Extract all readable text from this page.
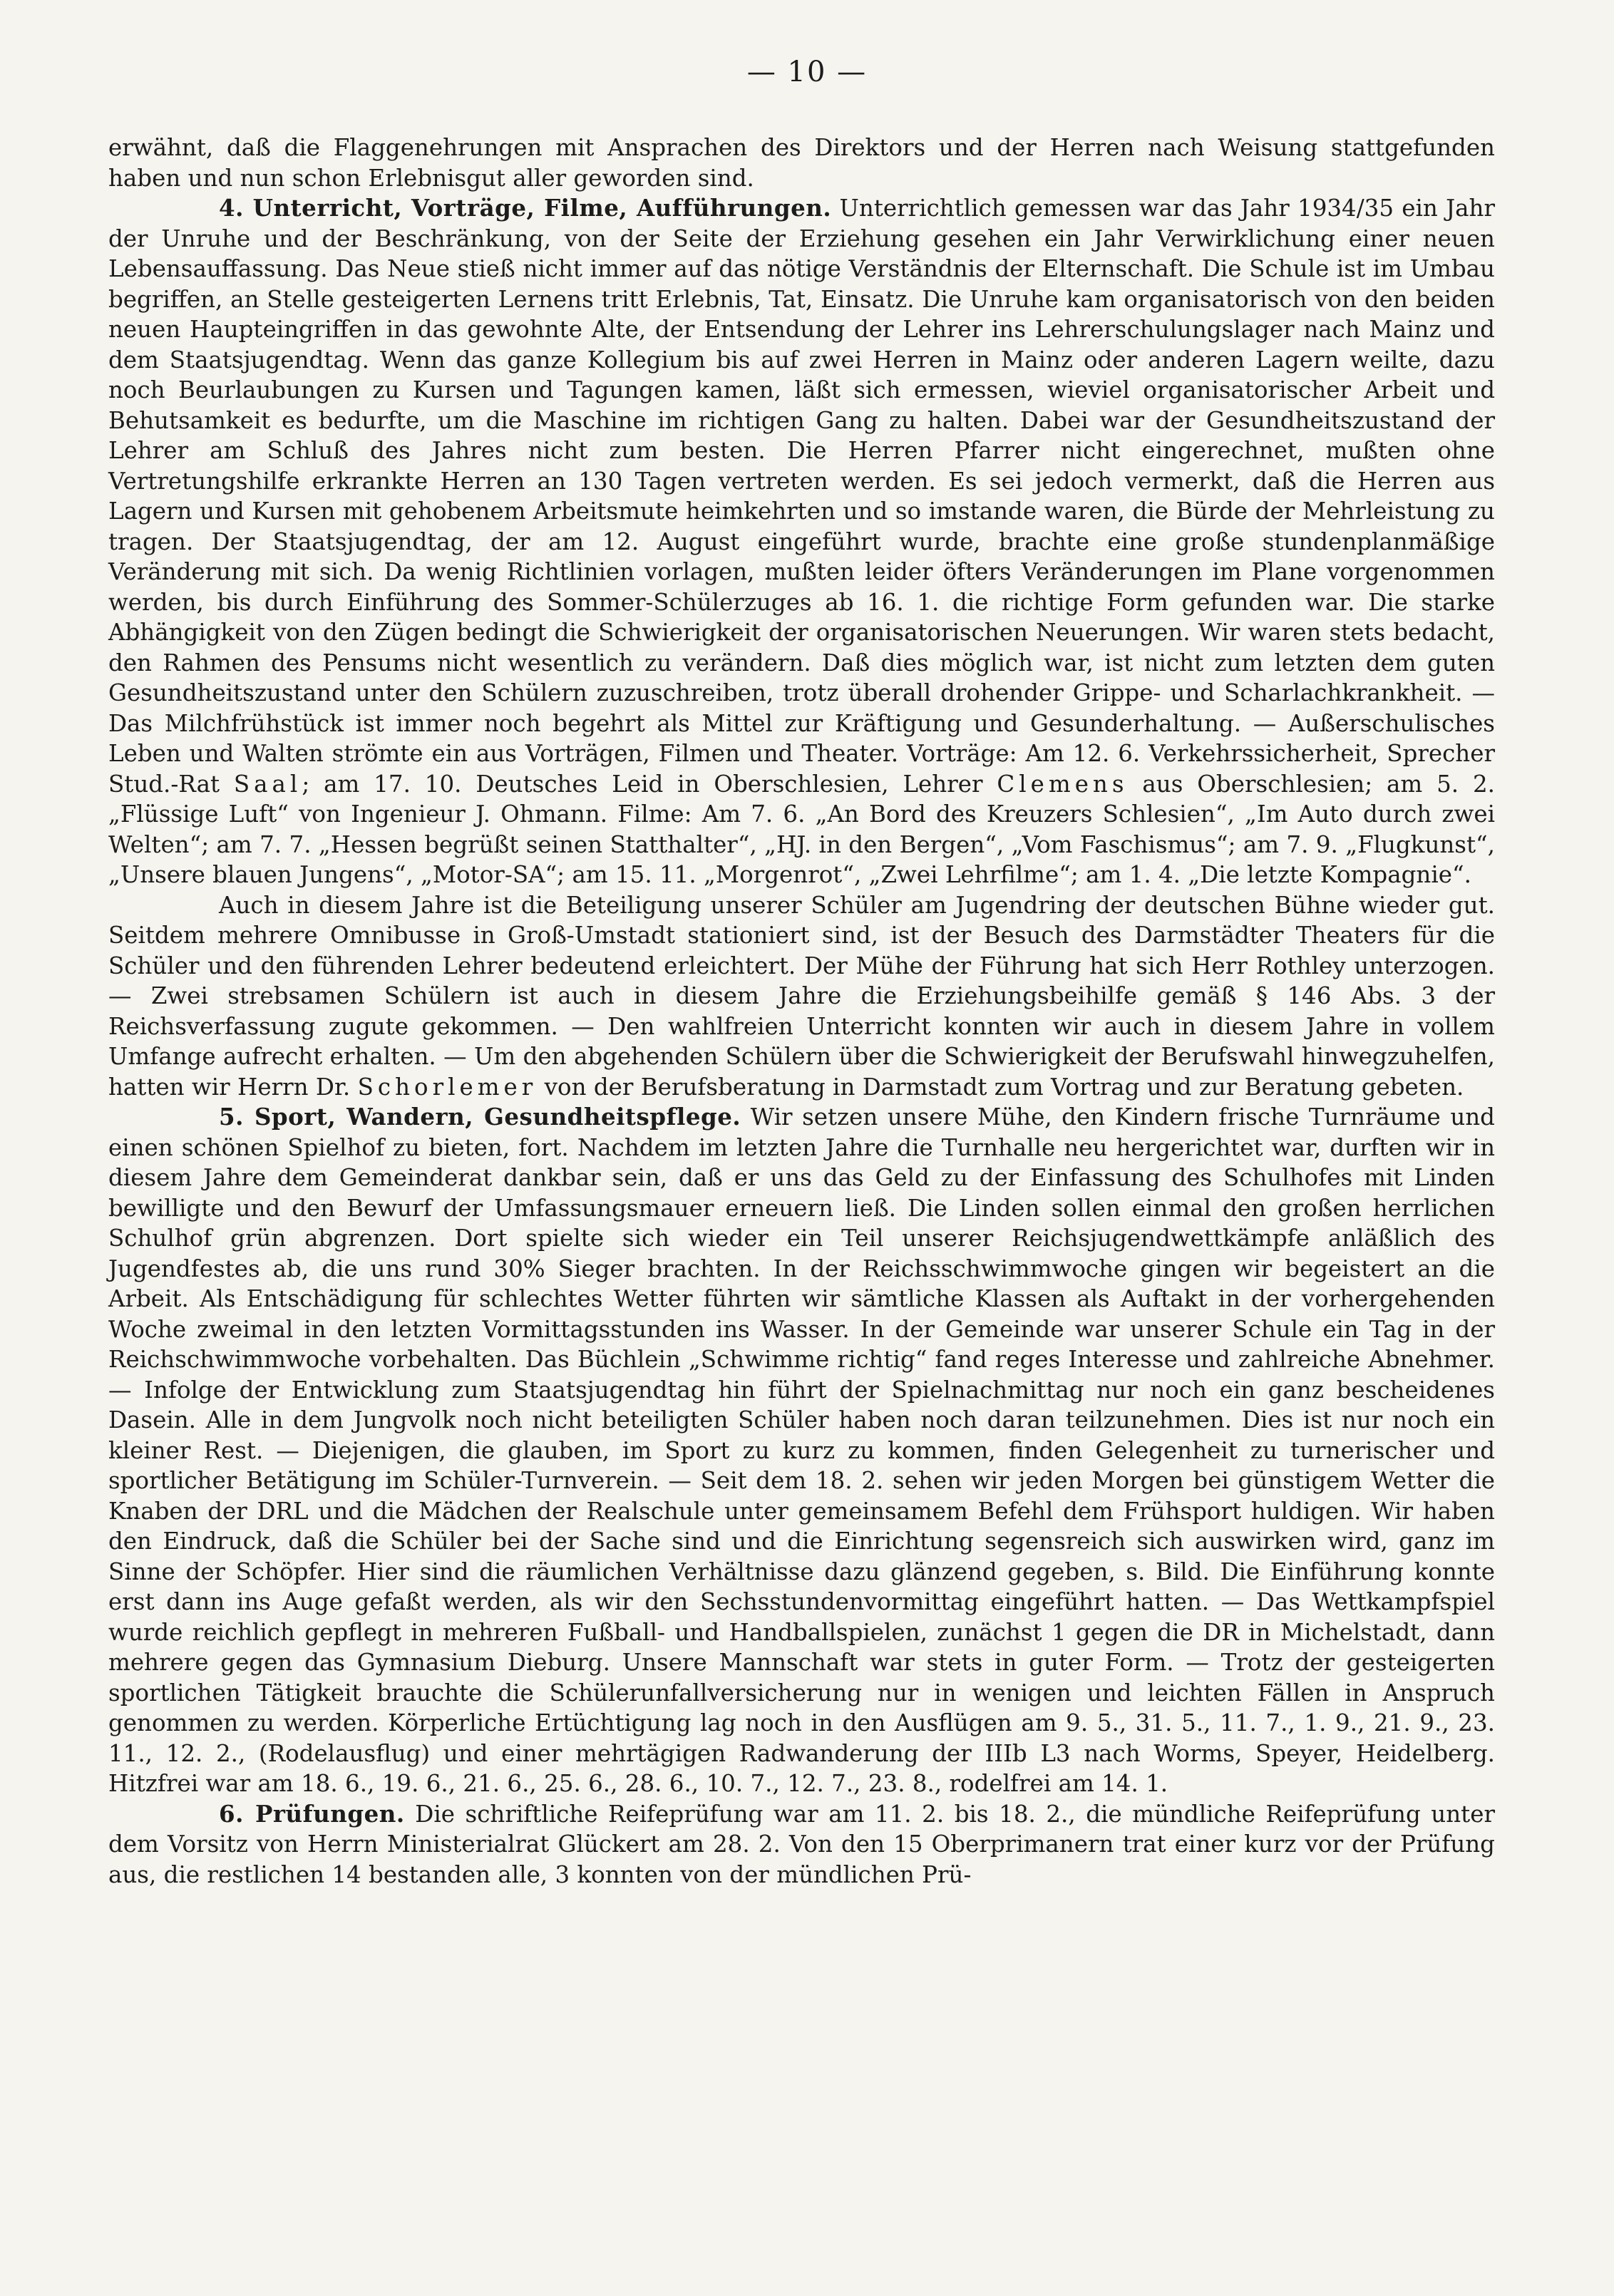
— 10 —

erwähnt, daß die Flaggenehrungen mit Ansprachen des Direktors und der Herren nach Weisung stattgefunden haben und nun schon Erlebnisgut aller geworden sind.

4. Unterricht, Vorträge, Filme, Aufführungen. Unterrichtlich gemessen war das Jahr 1934/35 ein Jahr der Unruhe und der Beschränkung, von der Seite der Erziehung gesehen ein Jahr Verwirklichung einer neuen Lebensauffassung. Das Neue stieß nicht immer auf das nötige Verständnis der Elternschaft. Die Schule ist im Umbau begriffen, an Stelle gesteigerten Lernens tritt Erlebnis, Tat, Einsatz. Die Unruhe kam organisatorisch von den beiden neuen Haupteingriffen in das gewohnte Alte, der Entsendung der Lehrer ins Lehrerschulungslager nach Mainz und dem Staatsjugendtag. Wenn das ganze Kollegium bis auf zwei Herren in Mainz oder anderen Lagern weilte, dazu noch Beurlaubungen zu Kursen und Tagungen kamen, läßt sich ermessen, wieviel organisatorischer Arbeit und Behutsamkeit es bedurfte, um die Maschine im richtigen Gang zu halten. Dabei war der Gesundheitszustand der Lehrer am Schluß des Jahres nicht zum besten. Die Herren Pfarrer nicht eingerechnet, mußten ohne Vertretungshilfe erkrankte Herren an 130 Tagen vertreten werden. Es sei jedoch vermerkt, daß die Herren aus Lagern und Kursen mit gehobenem Arbeitsmute heimkehrten und so imstande waren, die Bürde der Mehrleistung zu tragen. Der Staatsjugendtag, der am 12. August eingeführt wurde, brachte eine große stundenplanmäßige Veränderung mit sich. Da wenig Richtlinien vorlagen, mußten leider öfters Veränderungen im Plane vorgenommen werden, bis durch Einführung des Sommer-Schülerzuges ab 16. 1. die richtige Form gefunden war. Die starke Abhängigkeit von den Zügen bedingt die Schwierigkeit der organisatorischen Neuerungen. Wir waren stets bedacht, den Rahmen des Pensums nicht wesentlich zu verändern. Daß dies möglich war, ist nicht zum letzten dem guten Gesundheitszustand unter den Schülern zuzuschreiben, trotz überall drohender Grippe- und Scharlachkrankheit. — Das Milchfrühstück ist immer noch begehrt als Mittel zur Kräftigung und Gesunderhaltung. — Außerschulisches Leben und Walten strömte ein aus Vorträgen, Filmen und Theater. Vorträge: Am 12. 6. Verkehrssicherheit, Sprecher Stud.-Rat Saal; am 17. 10. Deutsches Leid in Oberschlesien, Lehrer Clemens aus Oberschlesien; am 5. 2. „Flüssige Luft“ von Ingenieur J. Ohmann. Filme: Am 7. 6. „An Bord des Kreuzers Schlesien“, „Im Auto durch zwei Welten“; am 7. 7. „Hessen begrüßt seinen Statthalter“, „HJ. in den Bergen“, „Vom Faschismus“; am 7. 9. „Flugkunst“, „Unsere blauen Jungens“, „Motor-SA“; am 15. 11. „Morgenrot“, „Zwei Lehrfilme“; am 1. 4. „Die letzte Kompagnie“.

Auch in diesem Jahre ist die Beteiligung unserer Schüler am Jugendring der deutschen Bühne wieder gut. Seitdem mehrere Omnibusse in Groß-Umstadt stationiert sind, ist der Besuch des Darmstädter Theaters für die Schüler und den führenden Lehrer bedeutend erleichtert. Der Mühe der Führung hat sich Herr Rothley unterzogen. — Zwei strebsamen Schülern ist auch in diesem Jahre die Erziehungsbeihilfe gemäß § 146 Abs. 3 der Reichsverfassung zugute gekommen. — Den wahlfreien Unterricht konnten wir auch in diesem Jahre in vollem Umfange aufrecht erhalten. — Um den abgehenden Schülern über die Schwierigkeit der Berufswahl hinwegzuhelfen, hatten wir Herrn Dr. Schorlemer von der Berufsberatung in Darmstadt zum Vortrag und zur Beratung gebeten.

5. Sport, Wandern, Gesundheitspflege. Wir setzen unsere Mühe, den Kindern frische Turnräume und einen schönen Spielhof zu bieten, fort. Nachdem im letzten Jahre die Turnhalle neu hergerichtet war, durften wir in diesem Jahre dem Gemeinderat dankbar sein, daß er uns das Geld zu der Einfassung des Schulhofes mit Linden bewilligte und den Bewurf der Umfassungsmauer erneuern ließ. Die Linden sollen einmal den großen herrlichen Schulhof grün abgrenzen. Dort spielte sich wieder ein Teil unserer Reichsjugendwettkämpfe anläßlich des Jugendfestes ab, die uns rund 30% Sieger brachten. In der Reichsschwimmwoche gingen wir begeistert an die Arbeit. Als Entschädigung für schlechtes Wetter führten wir sämtliche Klassen als Auftakt in der vorhergehenden Woche zweimal in den letzten Vormittagsstunden ins Wasser. In der Gemeinde war unserer Schule ein Tag in der Reichschwimmwoche vorbehalten. Das Büchlein „Schwimme richtig“ fand reges Interesse und zahlreiche Abnehmer. — Infolge der Entwicklung zum Staatsjugendtag hin führt der Spielnachmittag nur noch ein ganz bescheidenes Dasein. Alle in dem Jungvolk noch nicht beteiligten Schüler haben noch daran teilzunehmen. Dies ist nur noch ein kleiner Rest. — Diejenigen, die glauben, im Sport zu kurz zu kommen, finden Gelegenheit zu turnerischer und sportlicher Betätigung im Schüler-Turnverein. — Seit dem 18. 2. sehen wir jeden Morgen bei günstigem Wetter die Knaben der DRL und die Mädchen der Realschule unter gemeinsamem Befehl dem Frühsport huldigen. Wir haben den Eindruck, daß die Schüler bei der Sache sind und die Einrichtung segensreich sich auswirken wird, ganz im Sinne der Schöpfer. Hier sind die räumlichen Verhältnisse dazu glänzend gegeben, s. Bild. Die Einführung konnte erst dann ins Auge gefaßt werden, als wir den Sechsstundenvormittag eingeführt hatten. — Das Wettkampfspiel wurde reichlich gepflegt in mehreren Fußball- und Handballspielen, zunächst 1 gegen die DR in Michelstadt, dann mehrere gegen das Gymnasium Dieburg. Unsere Mannschaft war stets in guter Form. — Trotz der gesteigerten sportlichen Tätigkeit brauchte die Schülerunfallversicherung nur in wenigen und leichten Fällen in Anspruch genommen zu werden. Körperliche Ertüchtigung lag noch in den Ausflügen am 9. 5., 31. 5., 11. 7., 1. 9., 21. 9., 23. 11., 12. 2., (Rodelausflug) und einer mehrtägigen Radwanderung der IIIb L3 nach Worms, Speyer, Heidelberg. Hitzfrei war am 18. 6., 19. 6., 21. 6., 25. 6., 28. 6., 10. 7., 12. 7., 23. 8., rodelfrei am 14. 1.

6. Prüfungen. Die schriftliche Reifeprüfung war am 11. 2. bis 18. 2., die mündliche Reifeprüfung unter dem Vorsitz von Herrn Ministerialrat Glückert am 28. 2. Von den 15 Oberprimanern trat einer kurz vor der Prüfung aus, die restlichen 14 bestanden alle, 3 konnten von der mündlichen Prü-
